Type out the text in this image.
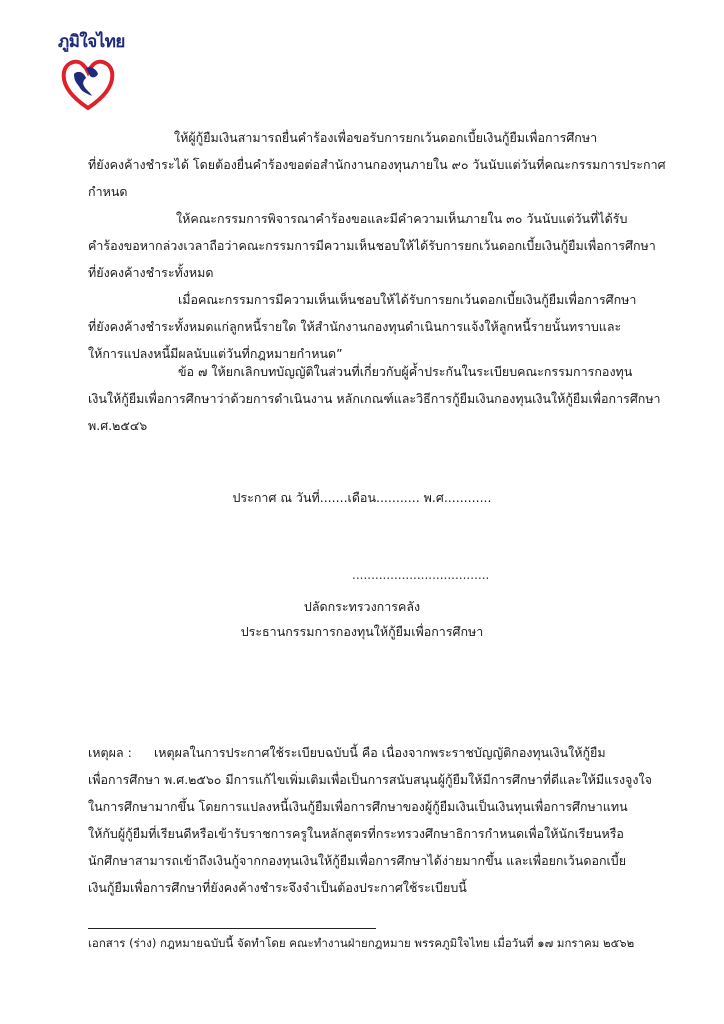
ภูมิใจไทย
ให้ผู้กู้ยืมเงินสามารถยื่นคำร้องเพื่อขอรับการยกเว้นดอกเบี้ยเงินกู้ยืมเพื่อการศึกษา
ที่ยังคงค้างชำระได้ โดยต้องยื่นคำร้องขอต่อสำนักงานกองทุนภายใน ๙๐ วันนับแต่วันที่คณะกรรมการประกาศ
กำหนด
ให้คณะกรรมการพิจารณาคำร้องขอและมีคำความเห็นภายใน ๓๐ วันนับแต่วันที่ได้รับ
คำร้องขอหากล่วงเวลาถือว่าคณะกรรมการมีความเห็นชอบให้ได้รับการยกเว้นดอกเบี้ยเงินกู้ยืมเพื่อการศึกษา
ที่ยังคงค้างชำระทั้งหมด
เมื่อคณะกรรมการมีความเห็นเห็นชอบให้ได้รับการยกเว้นดอกเบี้ยเงินกู้ยืมเพื่อการศึกษา
ที่ยังคงค้างชำระทั้งหมดแก่ลูกหนี้รายใด ให้สำนักงานกองทุนดำเนินการแจ้งให้ลูกหนี้รายนั้นทราบและ
ให้การแปลงหนี้มีผลนับแต่วันที่กฎหมายกำหนด”
ข้อ ๗ ให้ยกเลิกบทบัญญัติในส่วนที่เกี่ยวกับผู้ค้ำประกันในระเบียบคณะกรรมการกองทุน
เงินให้กู้ยืมเพื่อการศึกษาว่าด้วยการดำเนินงาน หลักเกณฑ์และวิธีการกู้ยืมเงินกองทุนเงินให้กู้ยืมเพื่อการศึกษา
พ.ศ.๒๕๔๖
ประกาศ ณ วันที่.......เดือน........... พ.ศ............
....................................
ปลัดกระทรวงการคลัง
ประธานกรรมการกองทุนให้กู้ยืมเพื่อการศึกษา
เหตุผล : เหตุผลในการประกาศใช้ระเบียบฉบับนี้ คือ เนื่องจากพระราชบัญญัติกองทุนเงินให้กู้ยืม
เพื่อการศึกษา พ.ศ.๒๕๖๐ มีการแก้ไขเพิ่มเติมเพื่อเป็นการสนับสนุนผู้กู้ยืมให้มีการศึกษาที่ดีและให้มีแรงจูงใจ
ในการศึกษามากขึ้น โดยการแปลงหนี้เงินกู้ยืมเพื่อการศึกษาของผู้กู้ยืมเงินเป็นเงินทุนเพื่อการศึกษาแทน
ให้กับผู้กู้ยืมที่เรียนดีหรือเข้ารับราชการครูในหลักสูตรที่กระทรวงศึกษาธิการกำหนดเพื่อให้นักเรียนหรือ
นักศึกษาสามารถเข้าถึงเงินกู้จากกองทุนเงินให้กู้ยืมเพื่อการศึกษาได้ง่ายมากขึ้น และเพื่อยกเว้นดอกเบี้ย
เงินกู้ยืมเพื่อการศึกษาที่ยังคงค้างชำระจึงจำเป็นต้องประกาศใช้ระเบียบนี้
เอกสาร (ร่าง) กฎหมายฉบับนี้ จัดทำโดย คณะทำงานฝ่ายกฎหมาย พรรคภูมิใจไทย เมื่อวันที่ ๑๗ มกราคม ๒๕๖๒
